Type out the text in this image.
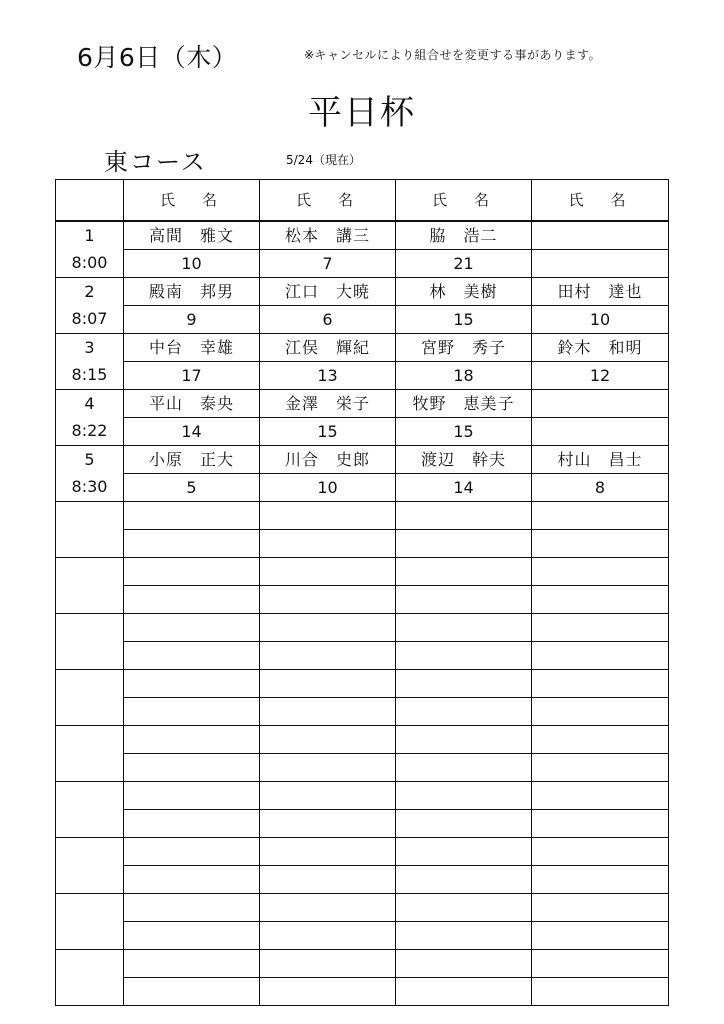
6月6日（木）	※キャンセルにより組合せを変更する事があります。
平日杯
東コース	5/24（現在）
	氏　名	氏　名	氏　名	氏　名
1	高間　雅文	松本　講三	脇　浩二	
8:00	10	7	21	
2	殿南　邦男	江口　大暁	林　美樹	田村　達也
8:07	9	6	15	10
3	中台　幸雄	江俣　輝紀	宮野　秀子	鈴木　和明
8:15	17	13	18	12
4	平山　泰央	金澤　栄子	牧野　恵美子	
8:22	14	15	15	
5	小原　正大	川合　史郎	渡辺　幹夫	村山　昌士
8:30	5	10	14	8
